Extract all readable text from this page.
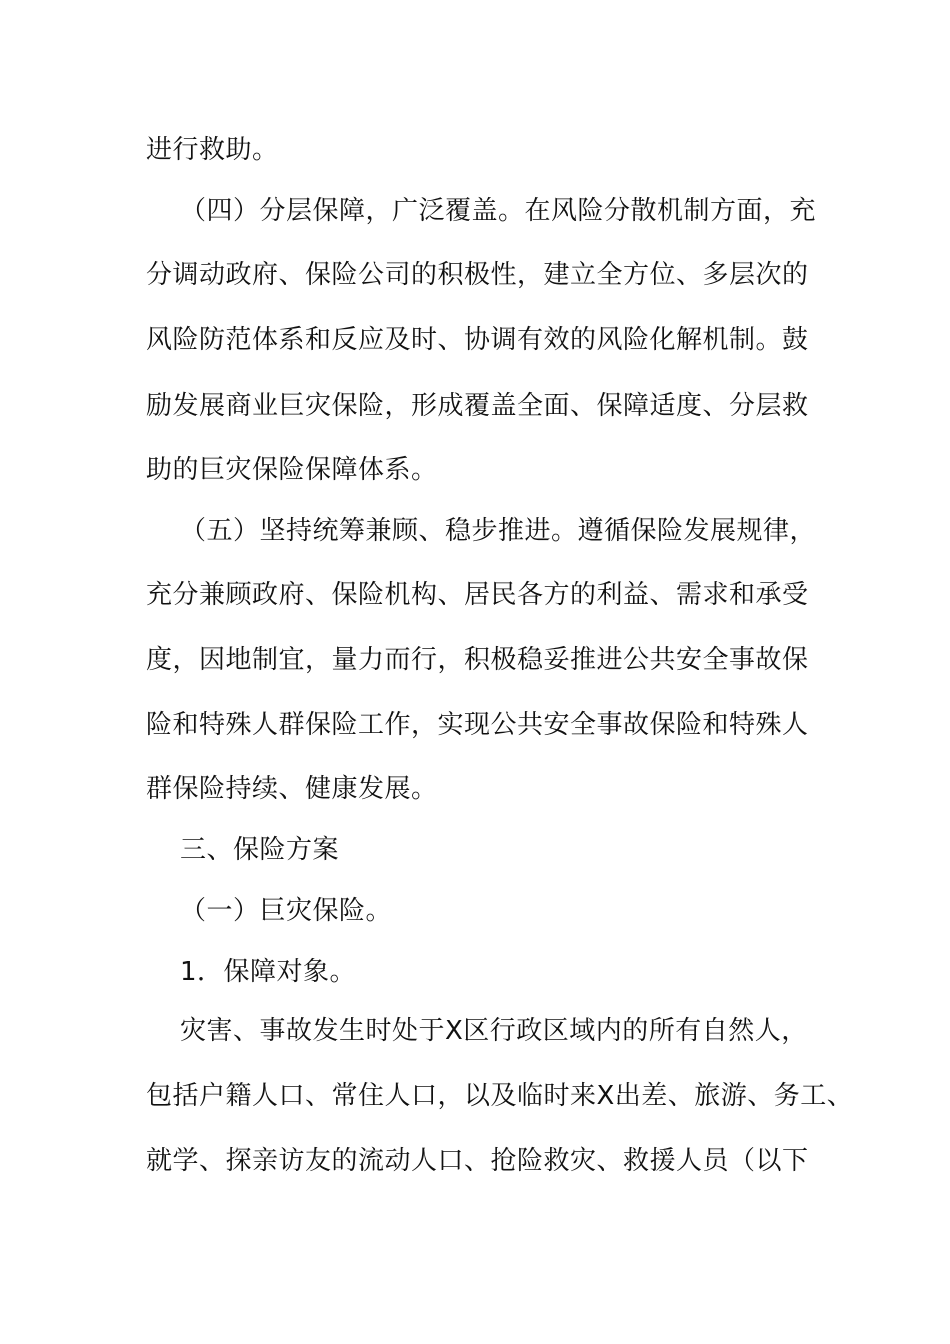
进行救助。
（四）分层保障，广泛覆盖。在风险分散机制方面，充
分调动政府、保险公司的积极性，建立全方位、多层次的
风险防范体系和反应及时、协调有效的风险化解机制。鼓
励发展商业巨灾保险，形成覆盖全面、保障适度、分层救
助的巨灾保险保障体系。
（五）坚持统筹兼顾、稳步推进。遵循保险发展规律，
充分兼顾政府、保险机构、居民各方的利益、需求和承受
度，因地制宜，量力而行，积极稳妥推进公共安全事故保
险和特殊人群保险工作，实现公共安全事故保险和特殊人
群保险持续、健康发展。
三、保险方案
（一）巨灾保险。
1．保障对象。
灾害、事故发生时处于X区行政区域内的所有自然人，
包括户籍人口、常住人口，以及临时来X出差、旅游、务工、
就学、探亲访友的流动人口、抢险救灾、救援人员（以下
